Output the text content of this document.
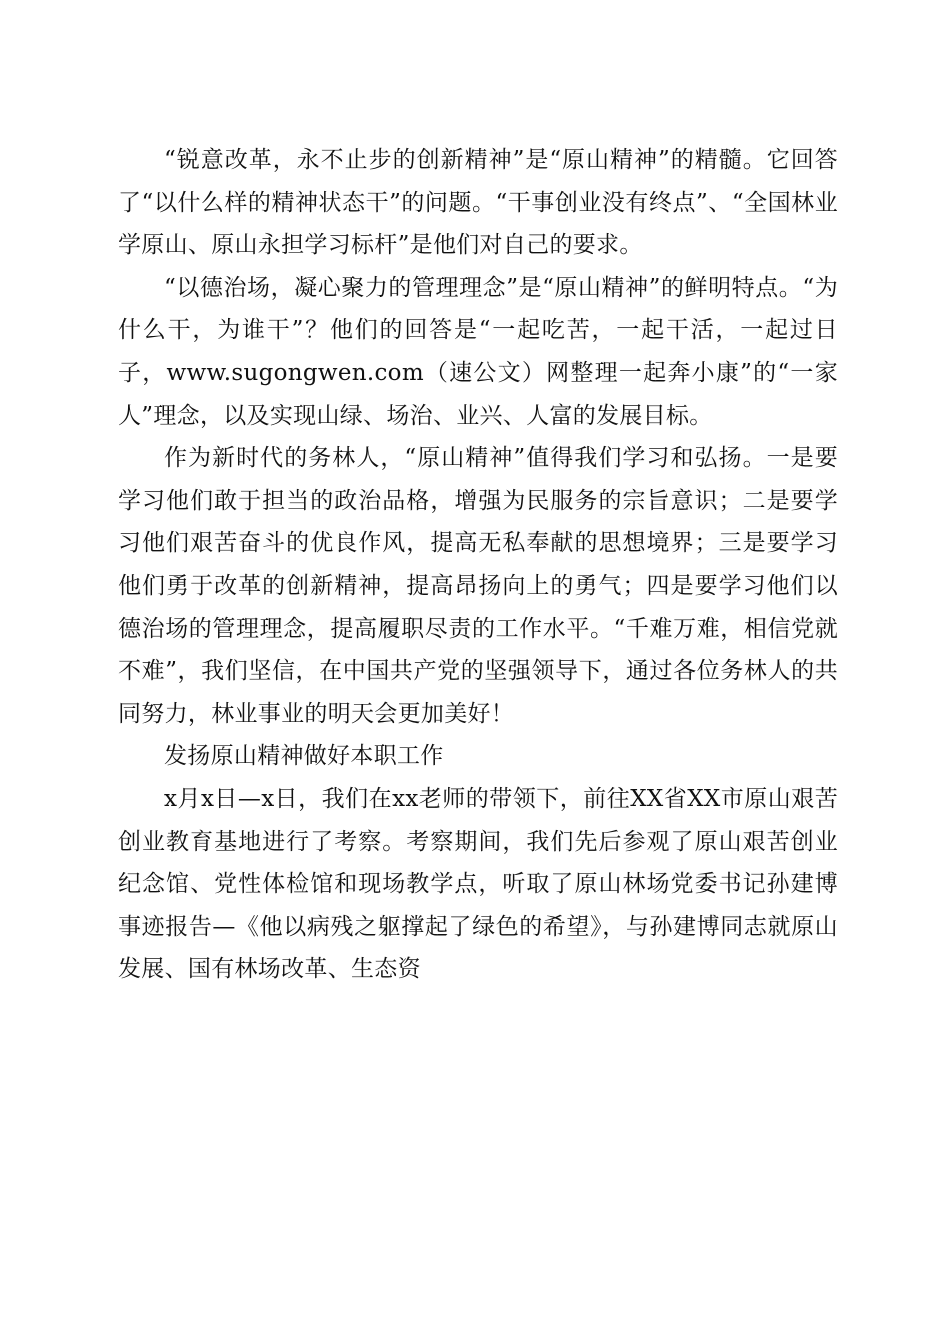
“锐意改革，永不止步的创新精神”是“原山精神”的精髓。它回答了“以什么样的精神状态干”的问题。“干事创业没有终点”、“全国林业学原山、原山永担学习标杆”是他们对自己的要求。

“以德治场，凝心聚力的管理理念”是“原山精神”的鲜明特点。“为什么干，为谁干”？他们的回答是“一起吃苦，一起干活，一起过日子，www.sugongwen.com（速公文）网整理一起奔小康”的“一家人”理念，以及实现山绿、场治、业兴、人富的发展目标。

作为新时代的务林人，“原山精神”值得我们学习和弘扬。一是要学习他们敢于担当的政治品格，增强为民服务的宗旨意识；二是要学习他们艰苦奋斗的优良作风，提高无私奉献的思想境界；三是要学习他们勇于改革的创新精神，提高昂扬向上的勇气；四是要学习他们以德治场的管理理念，提高履职尽责的工作水平。“千难万难，相信党就不难”，我们坚信，在中国共产党的坚强领导下，通过各位务林人的共同努力，林业事业的明天会更加美好！

发扬原山精神做好本职工作

x月x日—x日，我们在xx老师的带领下，前往XX省XX市原山艰苦创业教育基地进行了考察。考察期间，我们先后参观了原山艰苦创业纪念馆、党性体检馆和现场教学点，听取了原山林场党委书记孙建博事迹报告—《他以病残之躯撑起了绿色的希望》，与孙建博同志就原山发展、国有林场改革、生态资
